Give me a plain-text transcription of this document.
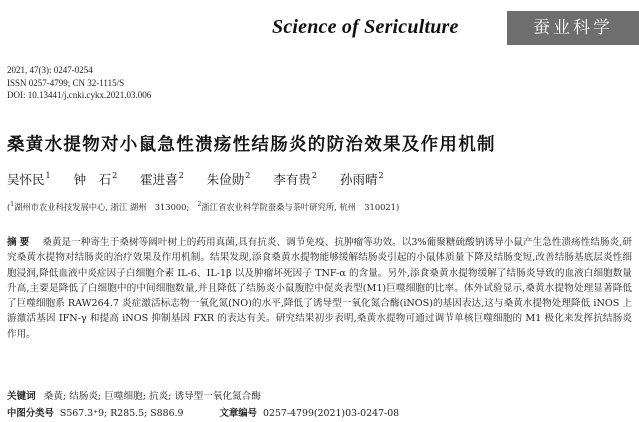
Science of Sericulture	蚕业科学
2021, 47(3): 0247-0254
ISSN 0257-4799; CN 32-1115/S
DOI: 10.13441/j.cnki.cykx.2021.03.006
桑黄水提物对小鼠急性溃疡性结肠炎的防治效果及作用机制
吴怀民$^1$ 钟　石$^2$ 霍进喜$^2$ 朱俭勋$^2$ 李有贵$^2$ 孙雨晴$^2$
($^1$湖州市农业科技发展中心, 浙江 湖州　313000;　 $^2$浙江省农业科学院蚕桑与茶叶研究所, 杭州　310021)
摘要 桑黄是一种寄生于桑树等阔叶树上的药用真菌,具有抗炎、调节免疫、抗肿瘤等功效。以3%葡聚糖硫酸钠诱导小鼠产生急性溃疡性结肠炎,研究桑黄水提物对结肠炎的治疗效果及作用机制。结果发现,添食桑黄水提物能够缓解结肠炎引起的小鼠体质量下降及结肠变短,改善结肠基底层炎性细胞浸润,降低血液中炎症因子白细胞介素 IL-6、IL-1β 以及肿瘤坏死因子 TNF-α 的含量。另外,添食桑黄水提物缓解了结肠炎导致的血液白细胞数量升高,主要是降低了白细胞中的中间细胞数量,并且降低了结肠炎小鼠腹腔中促炎表型(M1)巨噬细胞的比率。体外试验显示,桑黄水提物处理显著降低了巨噬细胞系 RAW264.7 炎症激活标志物一氧化氮(NO)的水平,降低了诱导型一氧化氮合酶(iNOS)的基因表达,这与桑黄水提物处理降低 iNOS 上游激活基因 IFN-γ 和提高 iNOS 抑制基因 FXR 的表达有关。研究结果初步表明,桑黄水提物可通过调节单核巨噬细胞的 M1 极化来发挥抗结肠炎作用。
关键词 桑黄; 结肠炎; 巨噬细胞; 抗炎; 诱导型一氧化氮合酶
中图分类号 S567.3⁺9; R285.5; S886.9	文章编号 0257-4799(2021)03-0247-08
